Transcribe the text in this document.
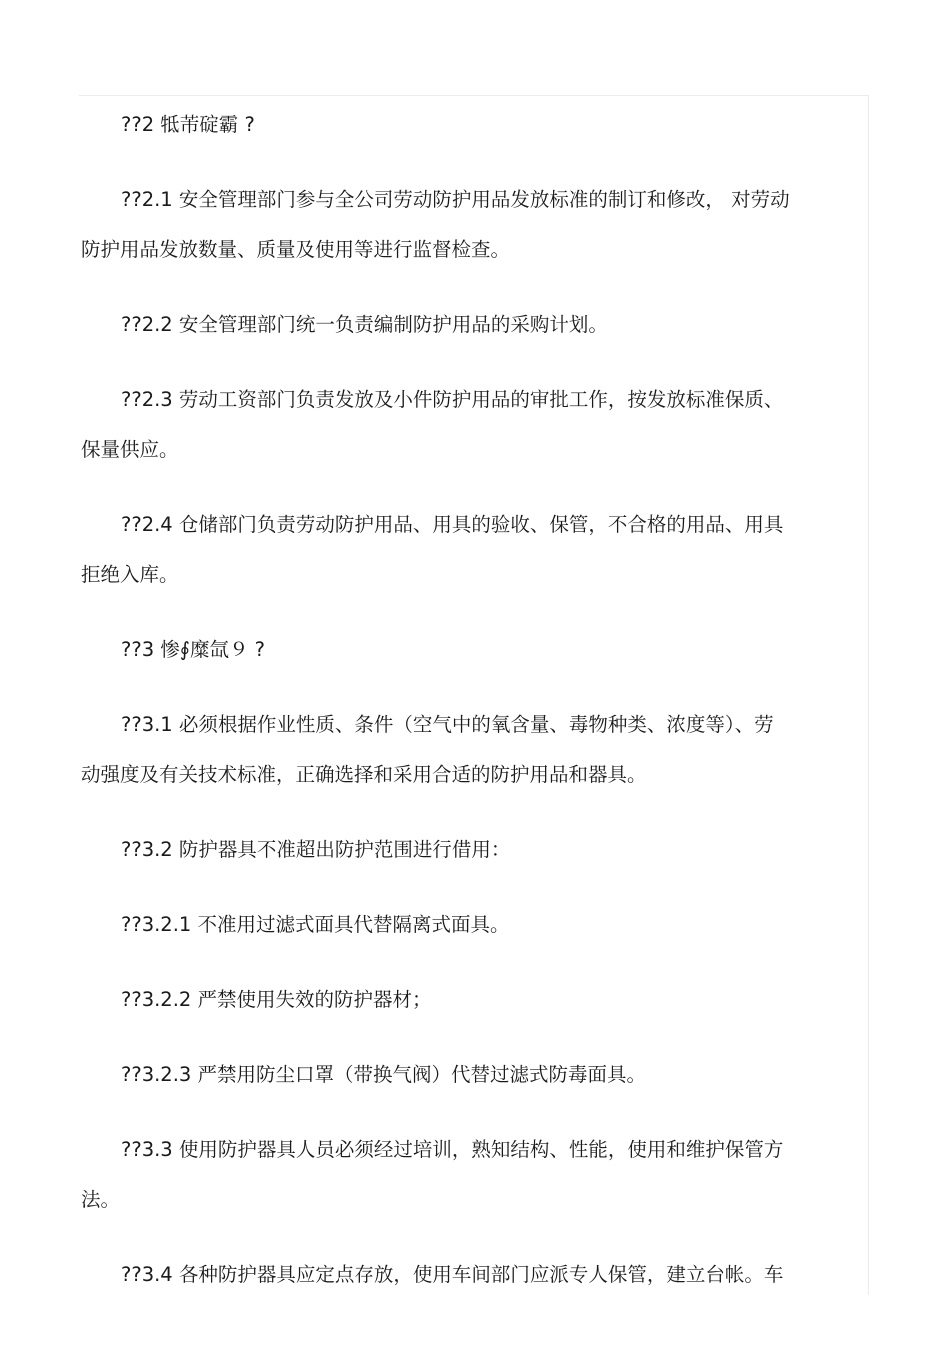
??2 牴芾碇霸 ?

??2.1 安全管理部门参与全公司劳动防护用品发放标准的制订和修改， 对劳动
防护用品发放数量、质量及使用等进行监督检查。

??2.2 安全管理部门统一负责编制防护用品的采购计划。

??2.3 劳动工资部门负责发放及小件防护用品的审批工作，按发放标准保质、
保量供应。

??2.4 仓储部门负责劳动防护用品、用具的验收、保管，不合格的用品、用具
拒绝入库。

??3 惨∮糜氙９ ?

??3.1 必须根据作业性质、条件（空气中的氧含量、毒物种类、浓度等）、劳
动强度及有关技术标准，正确选择和采用合适的防护用品和器具。

??3.2 防护器具不准超出防护范围进行借用：

??3.2.1 不准用过滤式面具代替隔离式面具。

??3.2.2 严禁使用失效的防护器材；

??3.2.3 严禁用防尘口罩（带换气阀）代替过滤式防毒面具。

??3.3 使用防护器具人员必须经过培训，熟知结构、性能，使用和维护保管方
法。

??3.4 各种防护器具应定点存放，使用车间部门应派专人保管，建立台帐。车
